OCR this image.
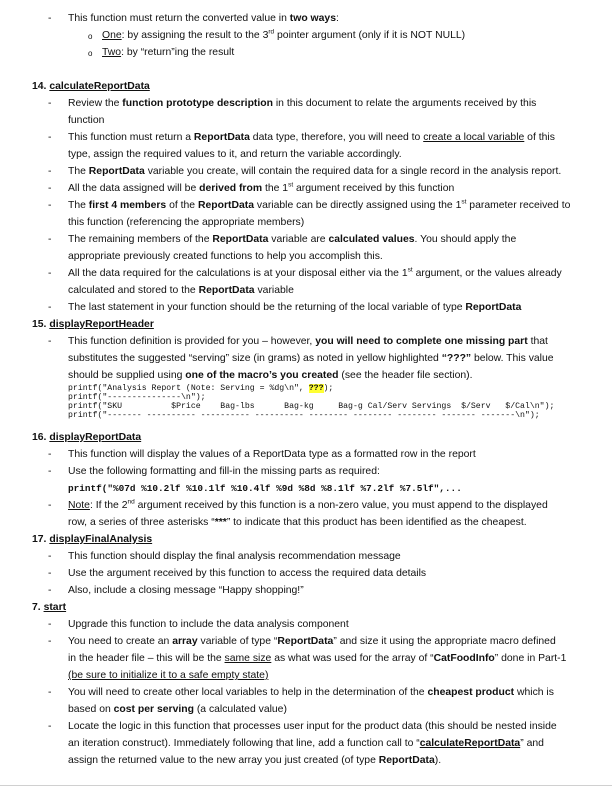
- This function must return the converted value in two ways:
o One: by assigning the result to the 3rd pointer argument (only if it is NOT NULL)
o Two: by “return”ing the result
14. calculateReportData
- Review the function prototype description in this document to relate the arguments received by this
function
- This function must return a ReportData data type, therefore, you will need to create a local variable of this
type, assign the required values to it, and return the variable accordingly.
- The ReportData variable you create, will contain the required data for a single record in the analysis report.
- All the data assigned will be derived from the 1st argument received by this function
- The first 4 members of the ReportData variable can be directly assigned using the 1st parameter received to
this function (referencing the appropriate members)
- The remaining members of the ReportData variable are calculated values. You should apply the
appropriate previously created functions to help you accomplish this.
- All the data required for the calculations is at your disposal either via the 1st argument, or the values already
calculated and stored to the ReportData variable
- The last statement in your function should be the returning of the local variable of type ReportData
15. displayReportHeader
- This function definition is provided for you – however, you will need to complete one missing part that
substitutes the suggested “serving” size (in grams) as noted in yellow highlighted “???” below. This value
should be supplied using one of the macro’s you created (see the header file section).
printf("Analysis Report (Note: Serving = %dg\n", ???);
printf("---------------\n");
printf("SKU          $Price    Bag-lbs      Bag-kg     Bag-g Cal/Serv Servings  $/Serv   $/Cal\n");
printf("------- ---------- ---------- ---------- -------- -------- -------- ------- -------\n");
16. displayReportData
- This function will display the values of a ReportData type as a formatted row in the report
- Use the following formatting and fill-in the missing parts as required:
printf("%07d %10.2lf %10.1lf %10.4lf %9d %8d %8.1lf %7.2lf %7.5lf",...
- Note: If the 2nd argument received by this function is a non-zero value, you must append to the displayed
row, a series of three asterisks “***” to indicate that this product has been identified as the cheapest.
17. displayFinalAnalysis
- This function should display the final analysis recommendation message
- Use the argument received by this function to access the required data details
- Also, include a closing message “Happy shopping!”
7. start
- Upgrade this function to include the data analysis component
- You need to create an array variable of type “ReportData” and size it using the appropriate macro defined
in the header file – this will be the same size as what was used for the array of “CatFoodInfo” done in Part-1
(be sure to initialize it to a safe empty state)
- You will need to create other local variables to help in the determination of the cheapest product which is
based on cost per serving (a calculated value)
- Locate the logic in this function that processes user input for the product data (this should be nested inside
an iteration construct). Immediately following that line, add a function call to “calculateReportData” and
assign the returned value to the new array you just created (of type ReportData).
